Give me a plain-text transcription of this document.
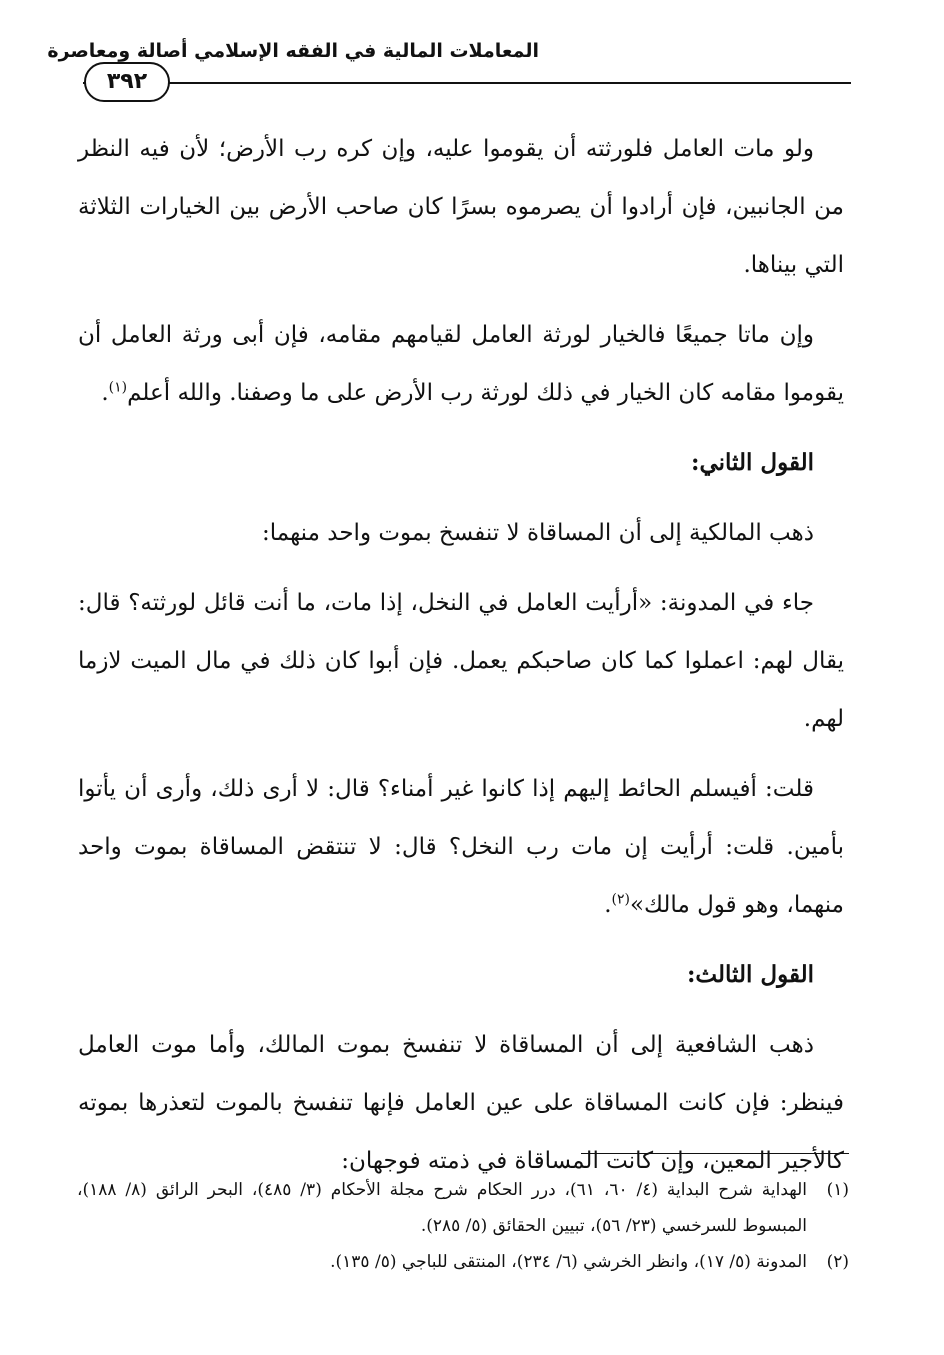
المعاملات المالية في الفقه الإسلامي أصالة ومعاصرة
٣٩٢

ولو مات العامل فلورثته أن يقوموا عليه، وإن كره رب الأرض؛ لأن فيه النظر من الجانبين، فإن أرادوا أن يصرموه بسرًا كان صاحب الأرض بين الخيارات الثلاثة التي بيناها.

وإن ماتا جميعًا فالخيار لورثة العامل لقيامهم مقامه، فإن أبى ورثة العامل أن يقوموا مقامه كان الخيار في ذلك لورثة رب الأرض على ما وصفنا. والله أعلم$^{(١)}$.

القول الثاني:

ذهب المالكية إلى أن المساقاة لا تنفسخ بموت واحد منهما:

جاء في المدونة: «أرأيت العامل في النخل، إذا مات، ما أنت قائل لورثته؟ قال: يقال لهم: اعملوا كما كان صاحبكم يعمل. فإن أبوا كان ذلك في مال الميت لازما لهم.

قلت: أفيسلم الحائط إليهم إذا كانوا غير أمناء؟ قال: لا أرى ذلك، وأرى أن يأتوا بأمين. قلت: أرأيت إن مات رب النخل؟ قال: لا تنتقض المساقاة بموت واحد منهما، وهو قول مالك»$^{(٢)}$.

القول الثالث:

ذهب الشافعية إلى أن المساقاة لا تنفسخ بموت المالك، وأما موت العامل فينظر: فإن كانت المساقاة على عين العامل فإنها تنفسخ بالموت لتعذرها بموته كالأجير المعين، وإن كانت المساقاة في ذمته فوجهان:

(١)
الهداية شرح البداية (٤/ ٦٠، ٦١)، درر الحكام شرح مجلة الأحكام (٣/ ٤٨٥)، البحر الرائق (٨/ ١٨٨)، المبسوط للسرخسي (٢٣/ ٥٦)، تبيين الحقائق (٥/ ٢٨٥).
(٢)
المدونة (٥/ ١٧)، وانظر الخرشي (٦/ ٢٣٤)، المنتقى للباجي (٥/ ١٣٥).
